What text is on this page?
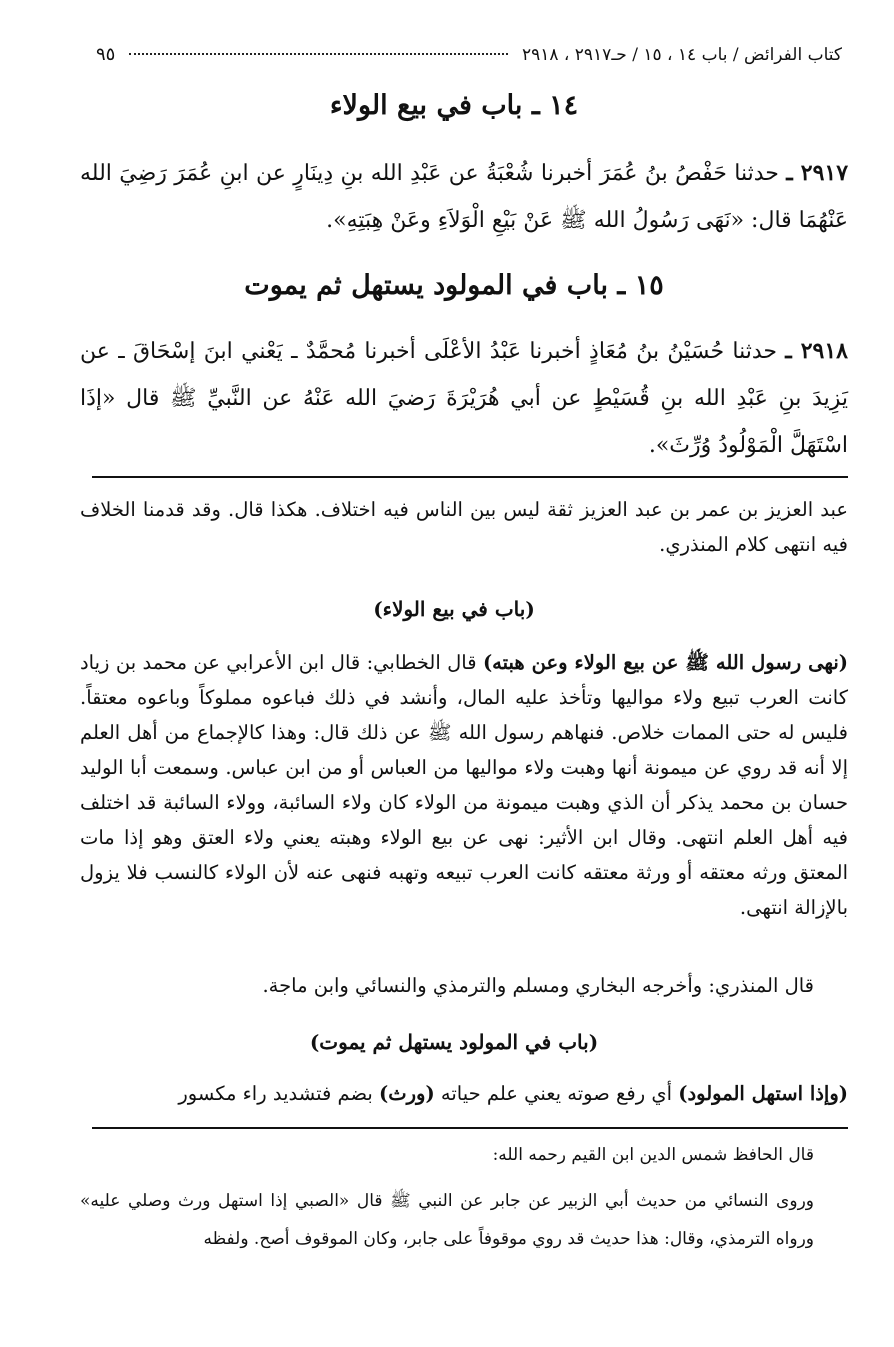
كتاب الفرائض / باب ١٤ ، ١٥ / حـ٢٩١٧ ، ٢٩١٨
٩٥
١٤ ـ باب في بيع الولاء
٢٩١٧ ـ حدثنا حَفْصُ بنُ عُمَرَ أخبرنا شُعْبَةُ عن عَبْدِ الله بنِ دِينَارٍ عن ابنِ عُمَرَ رَضِيَ الله عَنْهُمَا قال: «نَهَى رَسُولُ الله ﷺ عَنْ بَيْعِ الْوَلاَءِ وعَنْ هِبَتِهِ».
١٥ ـ باب في المولود يستهل ثم يموت
٢٩١٨ ـ حدثنا حُسَيْنُ بنُ مُعَاذٍ أخبرنا عَبْدُ الأعْلَى أخبرنا مُحمَّدٌ ـ يَعْني ابنَ إسْحَاقَ ـ عن يَزِيدَ بنِ عَبْدِ الله بنِ قُسَيْطٍ عن أبي هُرَيْرَةَ رَضيَ الله عَنْهُ عن النَّبيِّ ﷺ قال «إذَا اسْتَهَلَّ الْمَوْلُودُ وُرِّثَ».
عبد العزيز بن عمر بن عبد العزيز ثقة ليس بين الناس فيه اختلاف. هكذا قال. وقد قدمنا الخلاف فيه انتهى كلام المنذري.
(باب في بيع الولاء)
(نهى رسول الله ﷺ عن بيع الولاء وعن هبته) قال الخطابي: قال ابن الأعرابي عن محمد بن زياد كانت العرب تبيع ولاء مواليها وتأخذ عليه المال، وأنشد في ذلك فباعوه مملوكاً وباعوه معتقاً. فليس له حتى الممات خلاص. فنهاهم رسول الله ﷺ عن ذلك قال: وهذا كالإجماع من أهل العلم إلا أنه قد روي عن ميمونة أنها وهبت ولاء مواليها من العباس أو من ابن عباس. وسمعت أبا الوليد حسان بن محمد يذكر أن الذي وهبت ميمونة من الولاء كان ولاء السائبة، وولاء السائبة قد اختلف فيه أهل العلم انتهى. وقال ابن الأثير: نهى عن بيع الولاء وهبته يعني ولاء العتق وهو إذا مات المعتق ورثه معتقه أو ورثة معتقه كانت العرب تبيعه وتهبه فنهى عنه لأن الولاء كالنسب فلا يزول بالإزالة انتهى.
قال المنذري: وأخرجه البخاري ومسلم والترمذي والنسائي وابن ماجة.
(باب في المولود يستهل ثم يموت)
(وإذا استهل المولود) أي رفع صوته يعني علم حياته (ورث) بضم فتشديد راء مكسور
قال الحافظ شمس الدين ابن القيم رحمه الله:
وروى النسائي من حديث أبي الزبير عن جابر عن النبي ﷺ قال «الصبي إذا استهل ورث وصلي عليه» ورواه الترمذي، وقال: هذا حديث قد روي موقوفاً على جابر، وكان الموقوف أصح. ولفظه
